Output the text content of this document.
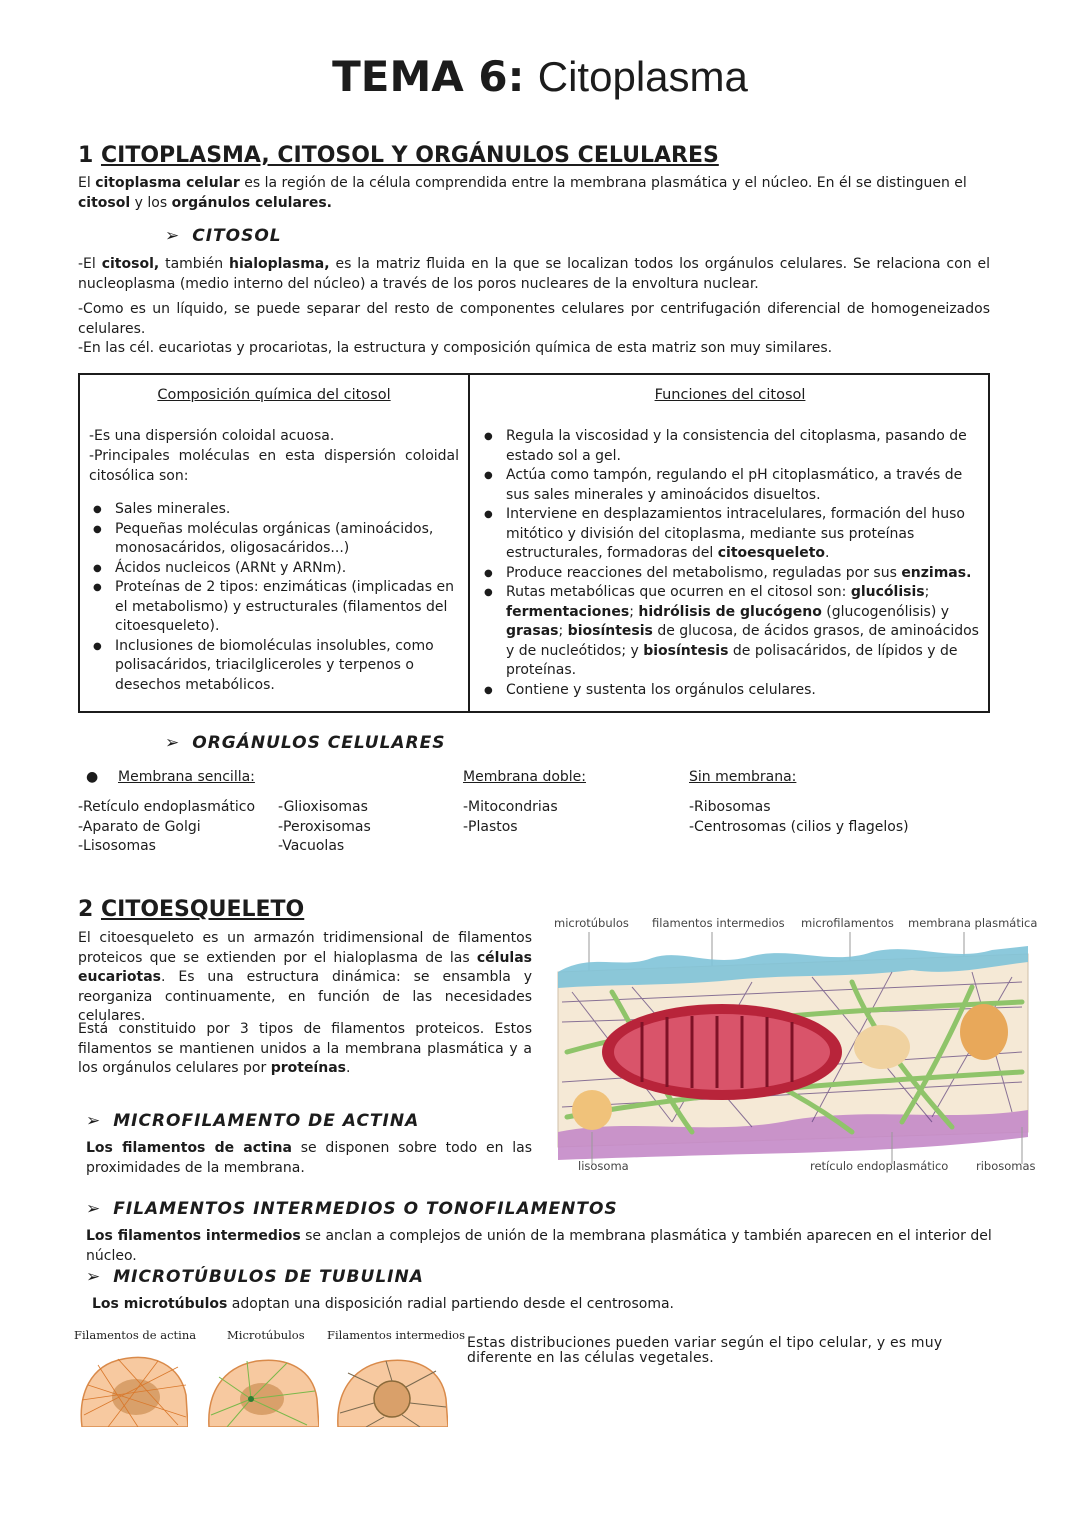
TEMA 6: Citoplasma
1 CITOPLASMA, CITOSOL Y ORGÁNULOS CELULARES

El citoplasma celular es la región de la célula comprendida entre la membrana plasmática y el núcleo. En él se distinguen el citosol y los orgánulos celulares.

➢ CITOSOL

-El citosol, también hialoplasma, es la matriz fluida en la que se localizan todos los orgánulos celulares. Se relaciona con el nucleoplasma (medio interno del núcleo) a través de los poros nucleares de la envoltura nuclear.

-Como es un líquido, se puede separar del resto de componentes celulares por centrifugación diferencial de homogeneizados celulares.

-En las cél. eucariotas y procariotas, la estructura y composición química de esta matriz son muy similares.

Composición química del citosol

-Es una dispersión coloidal acuosa.

-Principales moléculas en esta dispersión coloidal citosólica son:

● Sales minerales.
● Pequeñas moléculas orgánicas (aminoácidos, monosacáridos, oligosacáridos...)
● Ácidos nucleicos (ARNt y ARNm).
● Proteínas de 2 tipos: enzimáticas (implicadas en el metabolismo) y estructurales (filamentos del citoesqueleto).
● Inclusiones de biomoléculas insolubles, como polisacáridos, triacilgliceroles y terpenos o desechos metabólicos.
Funciones del citosol
● Regula la viscosidad y la consistencia del citoplasma, pasando de estado sol a gel.
● Actúa como tampón, regulando el pH citoplasmático, a través de sus sales minerales y aminoácidos disueltos.
● Interviene en desplazamientos intracelulares, formación del huso mitótico y división del citoplasma, mediante sus proteínas estructurales, formadoras del citoesqueleto.
● Produce reacciones del metabolismo, reguladas por sus enzimas.
● Rutas metabólicas que ocurren en el citosol son: glucólisis; fermentaciones; hidrólisis de glucógeno (glucogenólisis) y grasas; biosíntesis de glucosa, de ácidos grasos, de aminoácidos y de nucleótidos; y biosíntesis de polisacáridos, de lípidos y de proteínas.
● Contiene y sustenta los orgánulos celulares.
➢ ORGÁNULOS CELULARES
● Membrana sencilla:
-Retículo endoplasmático
-Aparato de Golgi
-Lisosomas
-Glioxisomas
-Peroxisomas
-Vacuolas
Membrana doble:
-Mitocondrias
-Plastos
Sin membrana:
-Ribosomas
-Centrosomas (cilios y flagelos)
2 CITOESQUELETO

El citoesqueleto es un armazón tridimensional de filamentos proteicos que se extienden por el hialoplasma de las células eucariotas. Es una estructura dinámica: se ensambla y reorganiza continuamente, en función de las necesidades celulares.

Está constituido por 3 tipos de filamentos proteicos. Estos filamentos se mantienen unidos a la membrana plasmática y a los orgánulos celulares por proteínas.

microtúbulos filamentos intermedios microfilamentos membrana plasmática
lisosoma	retículo endoplasmático ribosomas
➢ MICROFILAMENTO DE ACTINA

Los filamentos de actina se disponen sobre todo en las proximidades de la membrana.

➢ FILAMENTOS INTERMEDIOS O TONOFILAMENTOS

Los filamentos intermedios se anclan a complejos de unión de la membrana plasmática y también aparecen en el interior del núcleo.

➢ MICROTÚBULOS DE TUBULINA

Los microtúbulos adoptan una disposición radial partiendo desde el centrosoma.

Filamentos de actina	Microtúbulos Filamentos intermedios Estas distribuciones pueden variar según el tipo celular, y es muy diferente en las células vegetales.
